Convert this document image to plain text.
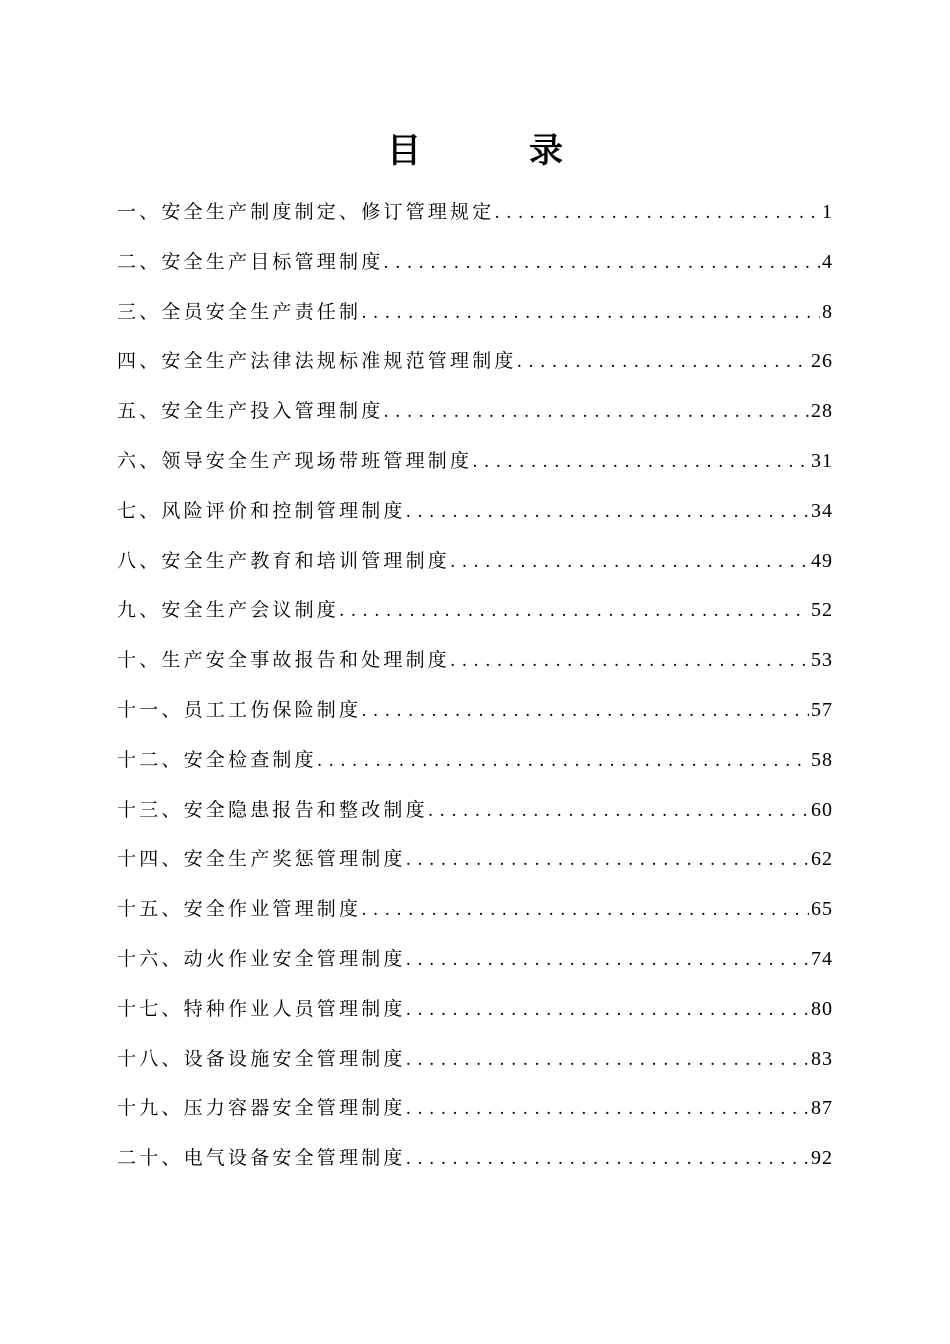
目	录
一、安全生产制度制定、修订管理规定 .....	1
二、安全生产目标管理制度 .....	4
三、全员安全生产责任制 .....	8
四、安全生产法律法规标准规范管理制度 .....	26
五、安全生产投入管理制度 .....	28
六、领导安全生产现场带班管理制度 .....	31
七、风险评价和控制管理制度 .....	34
八、安全生产教育和培训管理制度 .....	49
九、安全生产会议制度 .....	52
十、生产安全事故报告和处理制度 .....	53
十一、员工工伤保险制度 .....	57
十二、安全检查制度 .....	58
十三、安全隐患报告和整改制度 .....	60
十四、安全生产奖惩管理制度 .....	62
十五、安全作业管理制度 .....	65
十六、动火作业安全管理制度 .....	74
十七、特种作业人员管理制度 .....	80
十八、设备设施安全管理制度 .....	83
十九、压力容器安全管理制度 .....	87
二十、电气设备安全管理制度 .....	92
